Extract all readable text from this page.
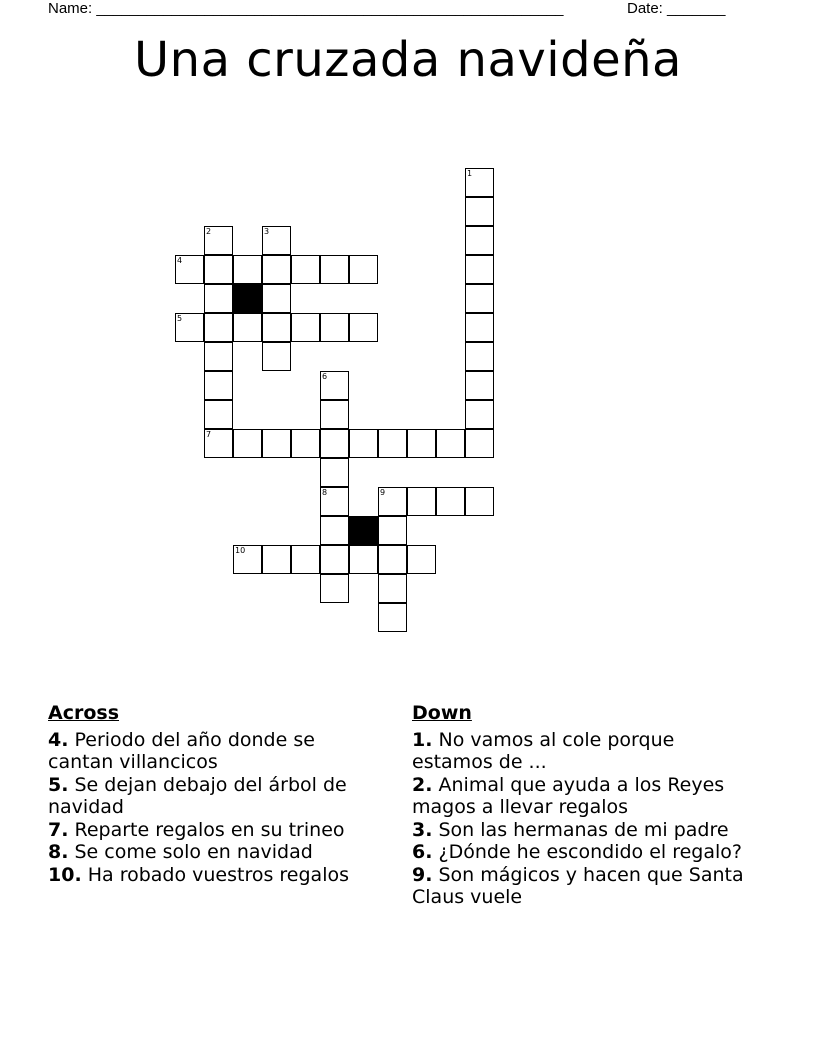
Name: ________________________________________________________	Date: _______
Una cruzada navideña
1
2
7
3
4
5
6
8	9
10
Across
4. Periodo del año donde se cantan villancicos
5. Se dejan debajo del árbol de navidad
7. Reparte regalos en su trineo
8. Se come solo en navidad
10. Ha robado vuestros regalos
Down
1. No vamos al cole porque estamos de ...
2. Animal que ayuda a los Reyes magos a llevar regalos
3. Son las hermanas de mi padre
6. ¿Dónde he escondido el regalo?
9. Son mágicos y hacen que Santa Claus vuele
